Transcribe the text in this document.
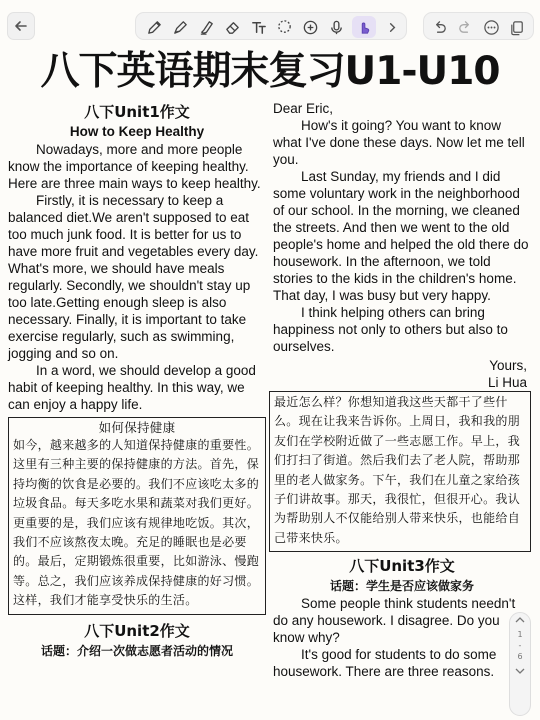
八下英语期末复习U1-U10
八下Unit1作文
How to Keep Healthy

Nowadays, more and more people know the importance of keeping healthy. Here are three main ways to keep healthy.

Firstly, it is necessary to keep a balanced diet.We aren't supposed to eat too much junk food. It is better for us to have more fruit and vegetables every day. What's more, we should have meals regularly. Secondly, we shouldn't stay up too late.Getting enough sleep is also necessary. Finally, it is important to take exercise regularly, such as swimming, jogging and so on.

In a word, we should develop a good habit of keeping healthy. In this way, we can enjoy a happy life.

如何保持健康
如今，越来越多的人知道保持健康的重要性。这里有三种主要的保持健康的方法。首先，保持均衡的饮食是必要的。我们不应该吃太多的垃圾食品。每天多吃水果和蔬菜对我们更好。更重要的是，我们应该有规律地吃饭。其次，我们不应该熬夜太晚。充足的睡眠也是必要的。最后，定期锻炼很重要，比如游泳、慢跑等。总之，我们应该养成保持健康的好习惯。这样，我们才能享受快乐的生活。
八下Unit2作文
话题：介绍一次做志愿者活动的情况

Dear Eric,

How's it going? You want to know what I've done these days. Now let me tell you.

Last Sunday, my friends and I did some voluntary work in the neighborhood of our school. In the morning, we cleaned the streets. And then we went to the old people's home and helped the old there do housework. In the afternoon, we told stories to the kids in the children's home. That day, I was busy but very happy.

I think helping others can bring happiness not only to others but also to ourselves.

Yours,

Li Hua

最近怎么样？你想知道我这些天都干了些什么。现在让我来告诉你。上周日，我和我的朋友们在学校附近做了一些志愿工作。早上，我们打扫了街道。然后我们去了老人院，帮助那里的老人做家务。下午，我们在儿童之家给孩子们讲故事。那天，我很忙，但很开心。我认为帮助别人不仅能给别人带来快乐，也能给自己带来快乐。
八下Unit3作文
话题：学生是否应该做家务

Some people think students needn't do any housework. I disagree. Do you know why?

It's good for students to do some housework. There are three reasons.

1
-
6
